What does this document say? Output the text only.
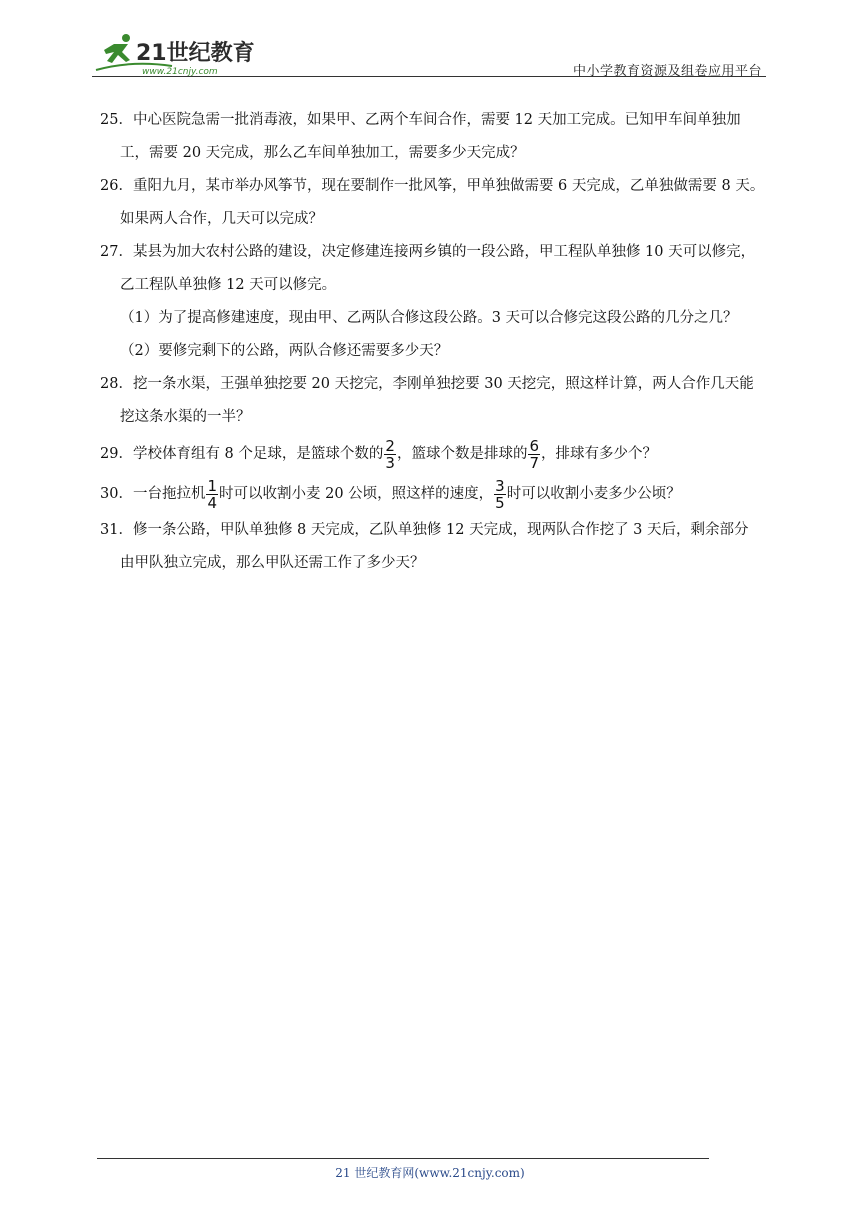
21世纪教育
www.21cnjy.com	中小学教育资源及组卷应用平台

25．中心医院急需一批消毒液，如果甲、乙两个车间合作，需要 12 天加工完成。已知甲车间单独加

工，需要 20 天完成，那么乙车间单独加工，需要多少天完成？

26．重阳九月，某市举办风筝节，现在要制作一批风筝，甲单独做需要 6 天完成，乙单独做需要 8 天。

如果两人合作，几天可以完成？

27．某县为加大农村公路的建设，决定修建连接两乡镇的一段公路，甲工程队单独修 10 天可以修完，

乙工程队单独修 12 天可以修完。

（1）为了提高修建速度，现由甲、乙两队合修这段公路。3 天可以合修完这段公路的几分之几？

（2）要修完剩下的公路，两队合修还需要多少天？

28．挖一条水渠，王强单独挖要 20 天挖完，李刚单独挖要 30 天挖完，照这样计算，两人合作几天能

挖这条水渠的一半？

29．学校体育组有 8 个足球，是篮球个数的 $\frac{2}{3}$ ，篮球个数是排球的 $\frac{6}{7}$ ，排球有多少个？

30．一台拖拉机 $\frac{1}{4}$ 时可以收割小麦 20 公顷，照这样的速度， $\frac{3}{5}$ 时可以收割小麦多少公顷？

31．修一条公路，甲队单独修 8 天完成，乙队单独修 12 天完成，现两队合作挖了 3 天后，剩余部分

由甲队独立完成，那么甲队还需工作了多少天？

21 世纪教育网(www.21cnjy.com)
